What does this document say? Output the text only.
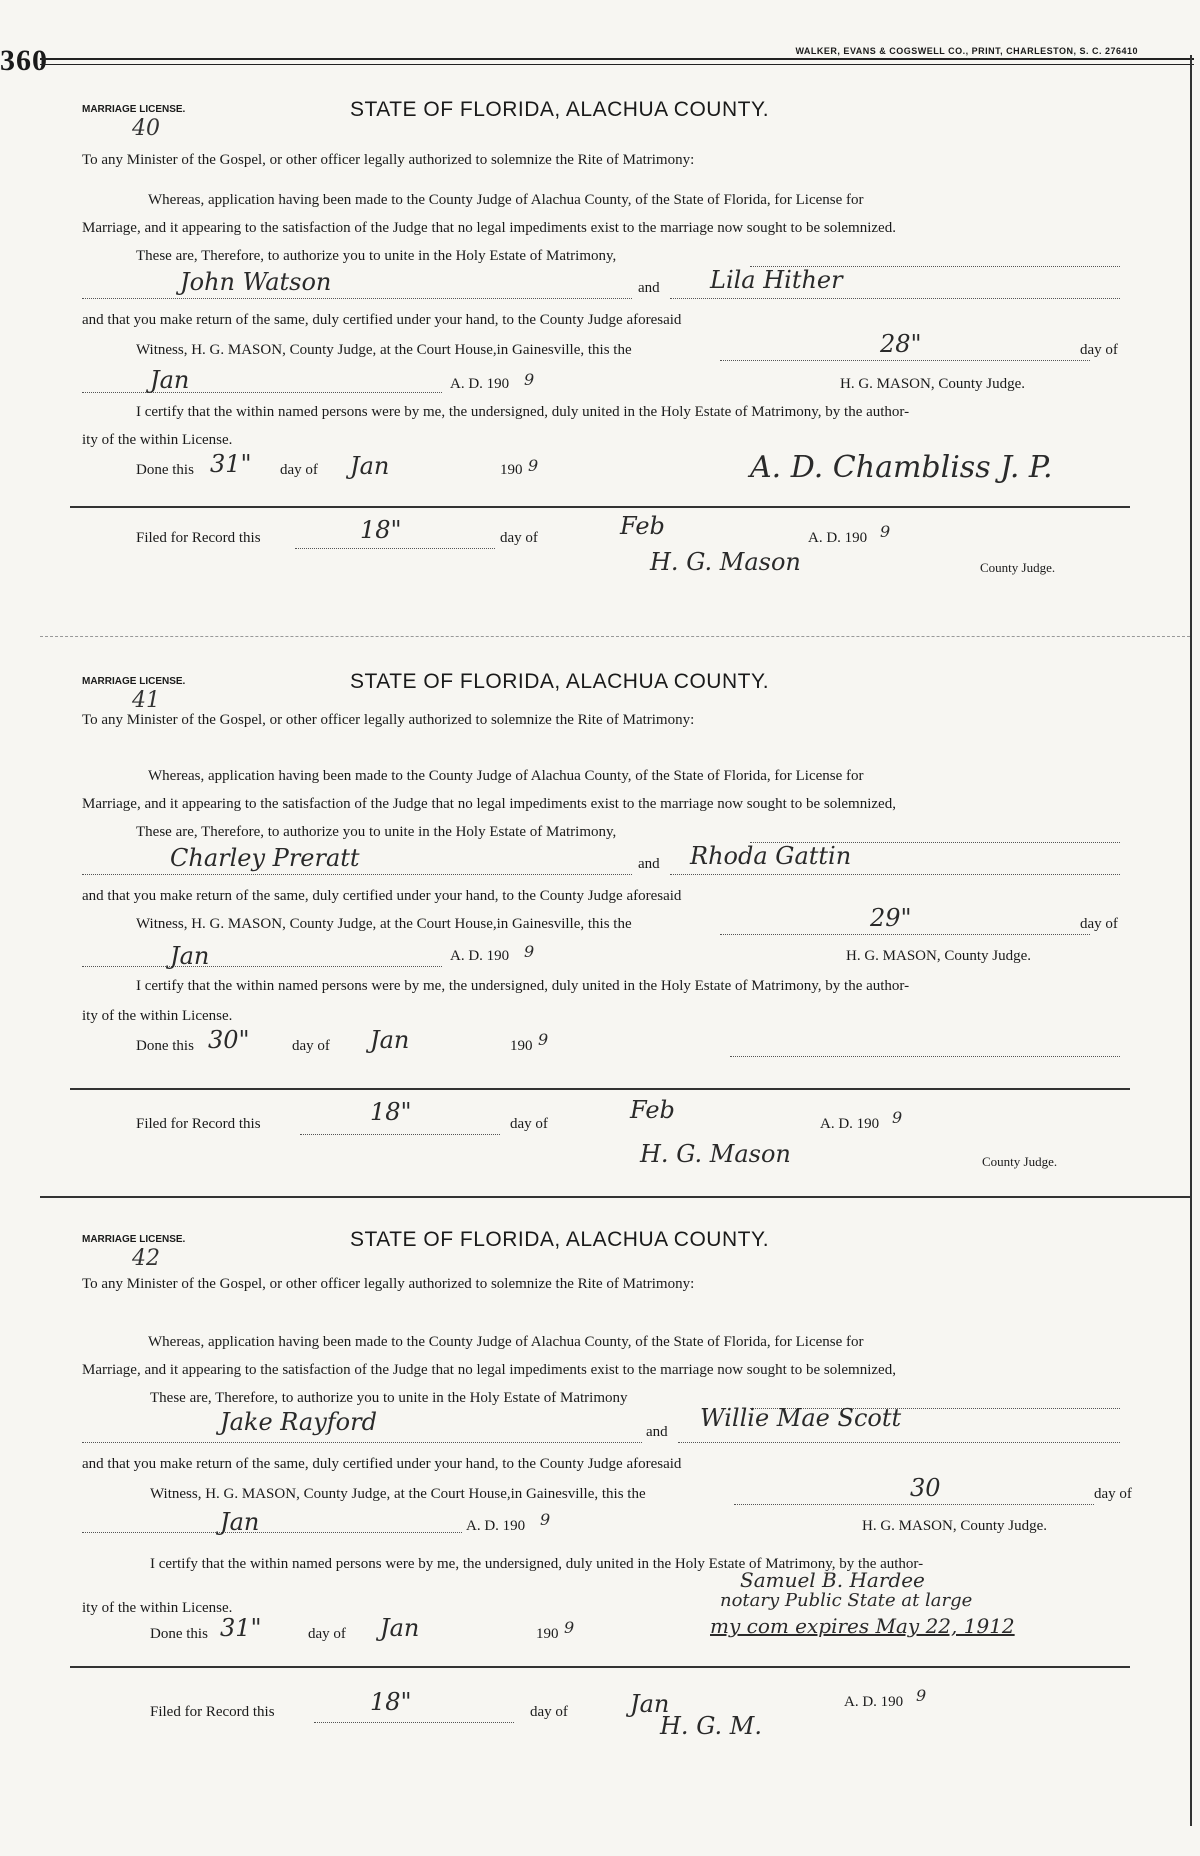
360	WALKER, EVANS & COGSWELL CO., PRINT, CHARLESTON, S. C. 276410
MARRIAGE LICENSE.
40
STATE OF FLORIDA, ALACHUA COUNTY.
To any Minister of the Gospel, or other officer legally authorized to solemnize the Rite of Matrimony:
Whereas, application having been made to the County Judge of Alachua County, of the State of Florida, for License for
Marriage, and it appearing to the satisfaction of the Judge that no legal impediments exist to the marriage now sought to be solemnized.
These are, Therefore, to authorize you to unite in the Holy Estate of Matrimony,
John Watson	and Lila Hither
and that you make return of the same, duly certified under your hand, to the County Judge aforesaid
Witness, H. G. MASON, County Judge, at the Court House,in Gainesville, this the	28"	day of
Jan	A. D. 190 9	H. G. MASON, County Judge.
I certify that the within named persons were by me, the undersigned, duly united in the Holy Estate of Matrimony, by the author-
ity of the within License.
Done this 31" day of Jan	190 9	A. D. Chambliss J. P.
Filed for Record this	18"	day of	Feb	A. D. 190 9
H. G. Mason	County Judge.
MARRIAGE LICENSE.
41
STATE OF FLORIDA, ALACHUA COUNTY.
To any Minister of the Gospel, or other officer legally authorized to solemnize the Rite of Matrimony:
Whereas, application having been made to the County Judge of Alachua County, of the State of Florida, for License for
Marriage, and it appearing to the satisfaction of the Judge that no legal impediments exist to the marriage now sought to be solemnized,
These are, Therefore, to authorize you to unite in the Holy Estate of Matrimony,
Charley Preratt	and Rhoda Gattin
and that you make return of the same, duly certified under your hand, to the County Judge aforesaid
Witness, H. G. MASON, County Judge, at the Court House,in Gainesville, this the	29"	day of
Jan	A. D. 190 9	H. G. MASON, County Judge.
I certify that the within named persons were by me, the undersigned, duly united in the Holy Estate of Matrimony, by the author-
ity of the within License.
Done this 30"	day of Jan	190 9
Filed for Record this	18"	day of	Feb	A. D. 190 9
H. G. Mason	County Judge.
MARRIAGE LICENSE.
42
STATE OF FLORIDA, ALACHUA COUNTY.
To any Minister of the Gospel, or other officer legally authorized to solemnize the Rite of Matrimony:
Whereas, application having been made to the County Judge of Alachua County, of the State of Florida, for License for
Marriage, and it appearing to the satisfaction of the Judge that no legal impediments exist to the marriage now sought to be solemnized,
These are, Therefore, to authorize you to unite in the Holy Estate of Matrimony
Jake Rayford	and Willie Mae Scott
and that you make return of the same, duly certified under your hand, to the County Judge aforesaid
Witness, H. G. MASON, County Judge, at the Court House,in Gainesville, this the	30	day of
Jan	A. D. 190 9	H. G. MASON, County Judge.
I certify that the within named persons were by me, the undersigned, duly united in the Holy Estate of Matrimony, by the author-
ity of the within License.
Done this 31"	day of Jan	190 9
Samuel B. Hardee
notary Public State at large
my com expires May 22, 1912
Filed for Record this	18"	day of	Jan	A. D. 190 9
H. G. M.
